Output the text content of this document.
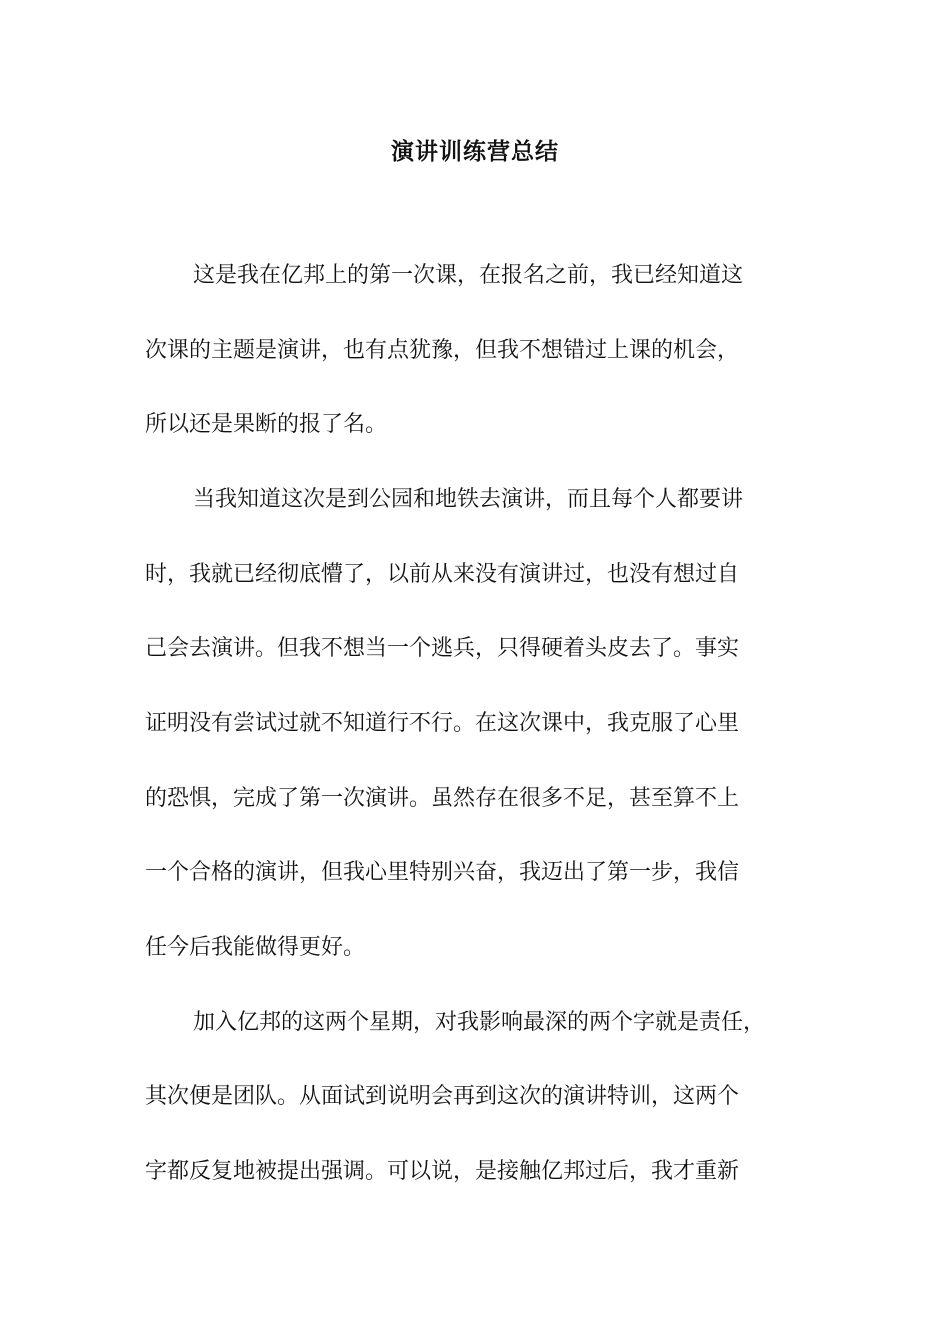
演讲训练营总结
这是我在亿邦上的第一次课，在报名之前，我已经知道这
次课的主题是演讲，也有点犹豫，但我不想错过上课的机会，
所以还是果断的报了名。
当我知道这次是到公园和地铁去演讲，而且每个人都要讲
时，我就已经彻底懵了，以前从来没有演讲过，也没有想过自
己会去演讲。但我不想当一个逃兵，只得硬着头皮去了。事实
证明没有尝试过就不知道行不行。在这次课中，我克服了心里
的恐惧，完成了第一次演讲。虽然存在很多不足，甚至算不上
一个合格的演讲，但我心里特别兴奋，我迈出了第一步，我信
任今后我能做得更好。
加入亿邦的这两个星期，对我影响最深的两个字就是责任，
其次便是团队。从面试到说明会再到这次的演讲特训，这两个
字都反复地被提出强调。可以说，是接触亿邦过后，我才重新
